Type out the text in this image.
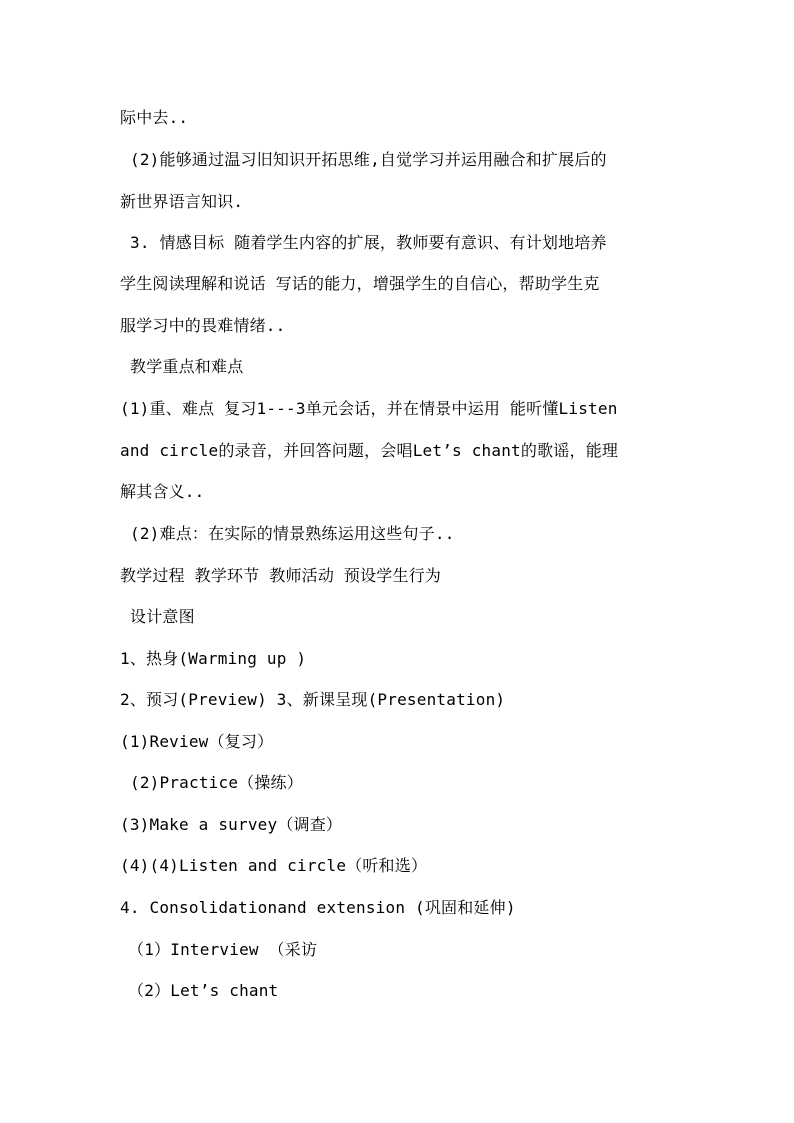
际中去..
(2)能够通过温习旧知识开拓思维,自觉学习并运用融合和扩展后的
新世界语言知识.
3. 情感目标 随着学生内容的扩展，教师要有意识、有计划地培养
学生阅读理解和说话 写话的能力，增强学生的自信心，帮助学生克
服学习中的畏难情绪..
教学重点和难点
(1)重、难点 复习1---3单元会话，并在情景中运用 能听懂Listen
and circle的录音，并回答问题，会唱Let’s chant的歌谣，能理
解其含义..
(2)难点：在实际的情景熟练运用这些句子..
教学过程 教学环节 教师活动 预设学生行为
设计意图
1、热身(Warming up )
2、预习(Preview) 3、新课呈现(Presentation)
(1)Review（复习）
(2)Practice（操练）
(3)Make a survey（调查）
(4)(4)Listen and circle（听和选）
4. Consolidationand extension (巩固和延伸)
（1）Interview （采访
（2）Let’s chant
